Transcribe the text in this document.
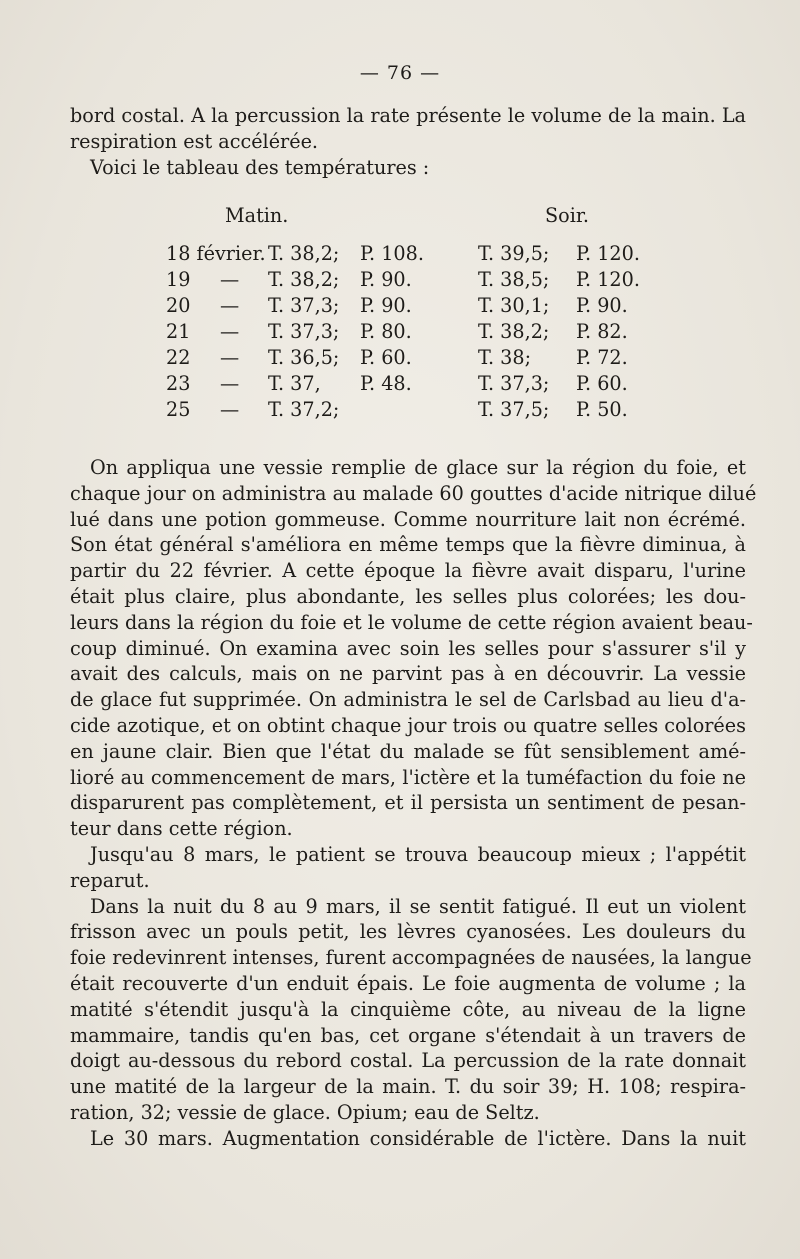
— 76 —
bord costal. A la percussion la rate présente le volume de la main. La
respiration est accélérée.
Voici le tableau des températures :
Matin.	Soir.
18 février. T. 38,2; P. 108.	T. 39,5; P. 120.
19 — T. 38,2; P. 90.	T. 38,5; P. 120.
20 — T. 37,3; P. 90.	T. 30,1; P. 90.
21 — T. 37,3; P. 80.	T. 38,2; P. 82.
22 — T. 36,5; P. 60.	T. 38; P. 72.
23 — T. 37, P. 48.	T. 37,3; P. 60.
25 — T. 37,2;	T. 37,5; P. 50.
On appliqua une vessie remplie de glace sur la région du foie, et
chaque jour on administra au malade 60 gouttes d'acide nitrique dilué
lué dans une potion gommeuse. Comme nourriture lait non écrémé.
Son état général s'améliora en même temps que la fièvre diminua, à
partir du 22 février. A cette époque la fièvre avait disparu, l'urine
était plus claire, plus abondante, les selles plus colorées; les dou-
leurs dans la région du foie et le volume de cette région avaient beau-
coup diminué. On examina avec soin les selles pour s'assurer s'il y
avait des calculs, mais on ne parvint pas à en découvrir. La vessie
de glace fut supprimée. On administra le sel de Carlsbad au lieu d'a-
cide azotique, et on obtint chaque jour trois ou quatre selles colorées
en jaune clair. Bien que l'état du malade se fût sensiblement amé-
lioré au commencement de mars, l'ictère et la tuméfaction du foie ne
disparurent pas complètement, et il persista un sentiment de pesan-
teur dans cette région.
Jusqu'au 8 mars, le patient se trouva beaucoup mieux ; l'appétit
reparut.
Dans la nuit du 8 au 9 mars, il se sentit fatigué. Il eut un violent
frisson avec un pouls petit, les lèvres cyanosées. Les douleurs du
foie redevinrent intenses, furent accompagnées de nausées, la langue
était recouverte d'un enduit épais. Le foie augmenta de volume ; la
matité s'étendit jusqu'à la cinquième côte, au niveau de la ligne
mammaire, tandis qu'en bas, cet organe s'étendait à un travers de
doigt au-dessous du rebord costal. La percussion de la rate donnait
une matité de la largeur de la main. T. du soir 39; H. 108; respira-
ration, 32; vessie de glace. Opium; eau de Seltz.
Le 30 mars. Augmentation considérable de l'ictère. Dans la nuit
